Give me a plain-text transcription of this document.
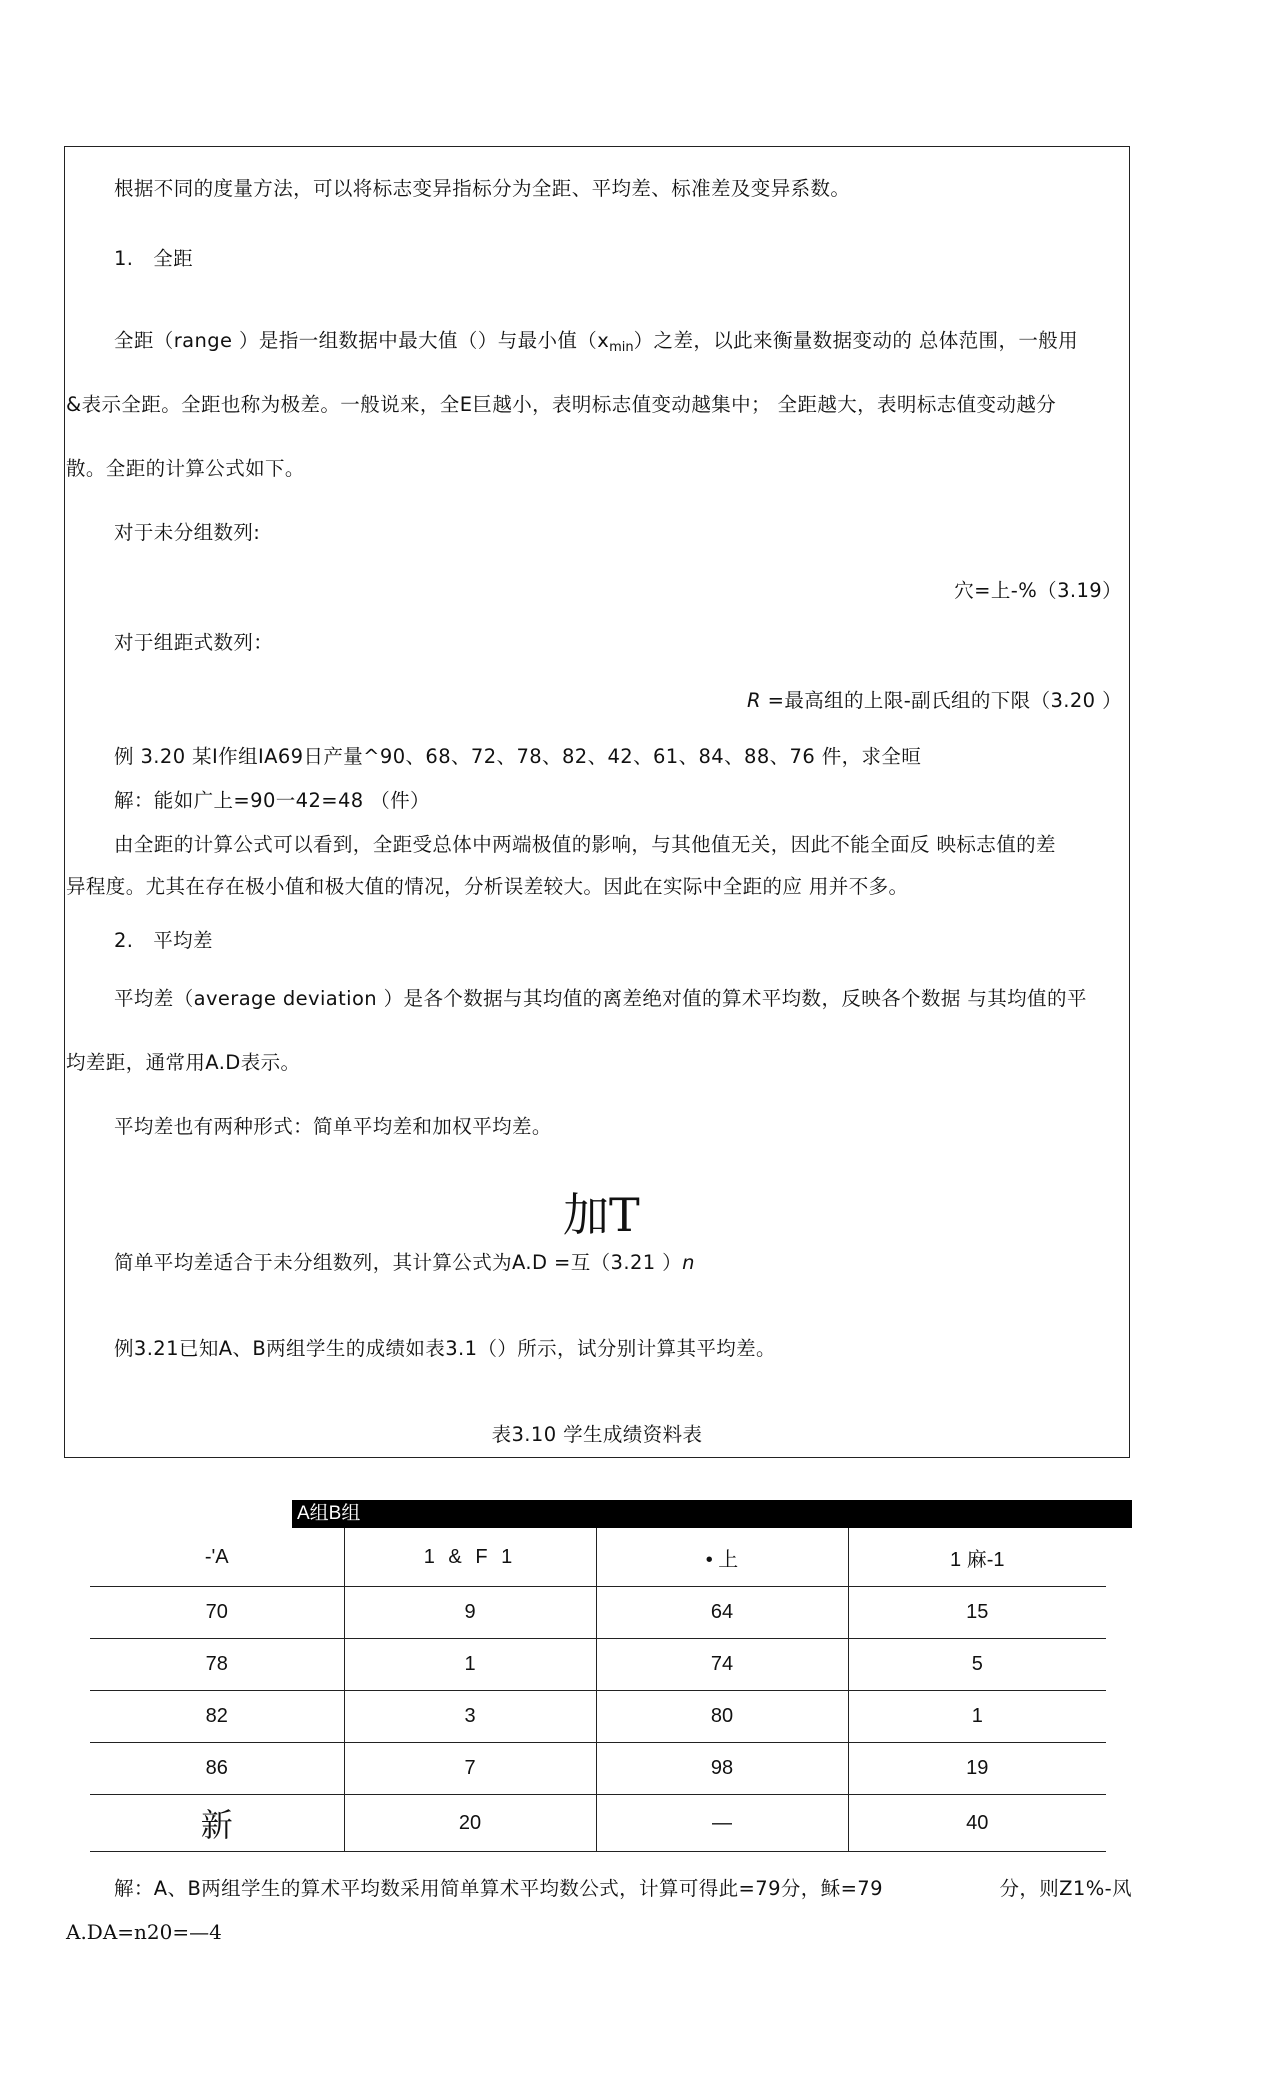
根据不同的度量方法，可以将标志变异指标分为全距、平均差、标准差及变异系数。
1. 全距
全距（range ）是指一组数据中最大值（）与最小值$(x_{min})$之差，以此来衡量数据变动的 总体范围，一般用
&表示全距。全距也称为极差。一般说来，全E巨越小，表明标志值变动越集中； 全距越大，表明标志值变动越分
散。全距的计算公式如下。
对于未分组数列:
穴=上-%（3.19）
对于组距式数列：
R =最高组的上限-副氏组的下限（3.20 ）
例 3.20 某I作组IA69日产量^90、68、72、78、82、42、61、84、88、76 件，求全晅
解：能如广上=90一42=48 （件）
由全距的计算公式可以看到，全距受总体中两端极值的影响，与其他值无关，因此不能全面反 映标志值的差
异程度。尤其在存在极小值和极大值的情况，分析误差较大。因此在实际中全距的应 用并不多。
2. 平均差
平均差（average deviation ）是各个数据与其均值的离差绝对值的算术平均数，反映各个数据 与其均值的平
均差距，通常用A.D表示。
平均差也有两种形式：简单平均差和加权平均差。
加T
简单平均差适合于未分组数列，其计算公式为A.D =互（3.21 ）n
例3.21已知A、B两组学生的成绩如表3.1（）所示，试分别计算其平均差。
表3.10 学生成绩资料表
A组B组
-'A	1 & F 1	• 上	1 麻-1
70	9	64	15
78	1	74	5
82	3	80	1
86	7	98	19
新	20	—	40
解：A、B两组学生的算术平均数采用简单算术平均数公式，计算可得此=79分，稣=79	分，则Z1%-风
A.DA=n20=—4
